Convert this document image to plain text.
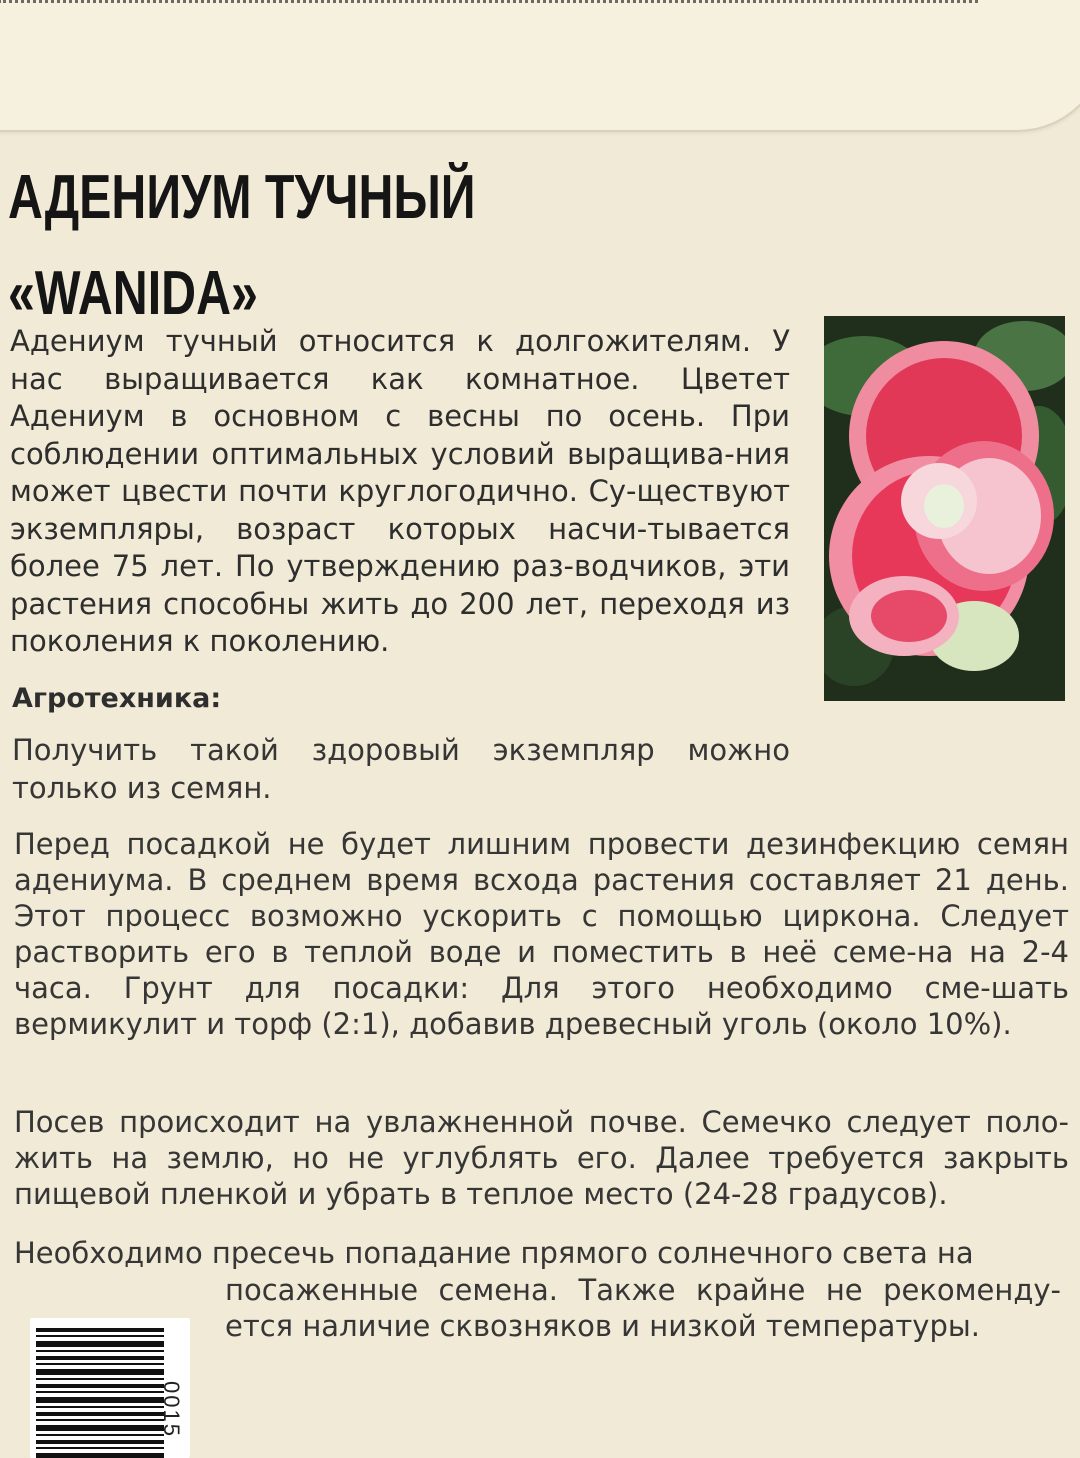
АДЕНИУМ ТУЧНЫЙ
«WANIDA»

Адениум тучный относится к долгожителям. У нас выращивается как комнатное. Цветет Адениум в основном с весны по осень. При соблюдении оптимальных условий выращива-ния может цвести почти круглогодично. Су-ществуют экземпляры, возраст которых насчи-тывается более 75 лет. По утверждению раз-водчиков, эти растения способны жить до 200 лет, переходя из поколения к поколению.

Агротехника:

Получить такой здоровый экземпляр можно только из семян.

Перед посадкой не будет лишним провести дезинфекцию семян адениума. В среднем время всхода растения составляет 21 день. Этот процесс возможно ускорить с помощью циркона. Следует растворить его в теплой воде и поместить в неё семе-на на 2-4 часа. Грунт для посадки: Для этого необходимо сме-шать вермикулит и торф (2:1), добавив древесный уголь (около 10%).

Посев происходит на увлажненной почве. Семечко следует поло-жить на землю, но не углублять его. Далее требуется закрыть пищевой пленкой и убрать в теплое место (24-28 градусов).

Необходимо пресечь попадание прямого солнечного света на

посаженные семена. Также крайне не рекоменду-ется наличие сквозняков и низкой температуры.

0015
